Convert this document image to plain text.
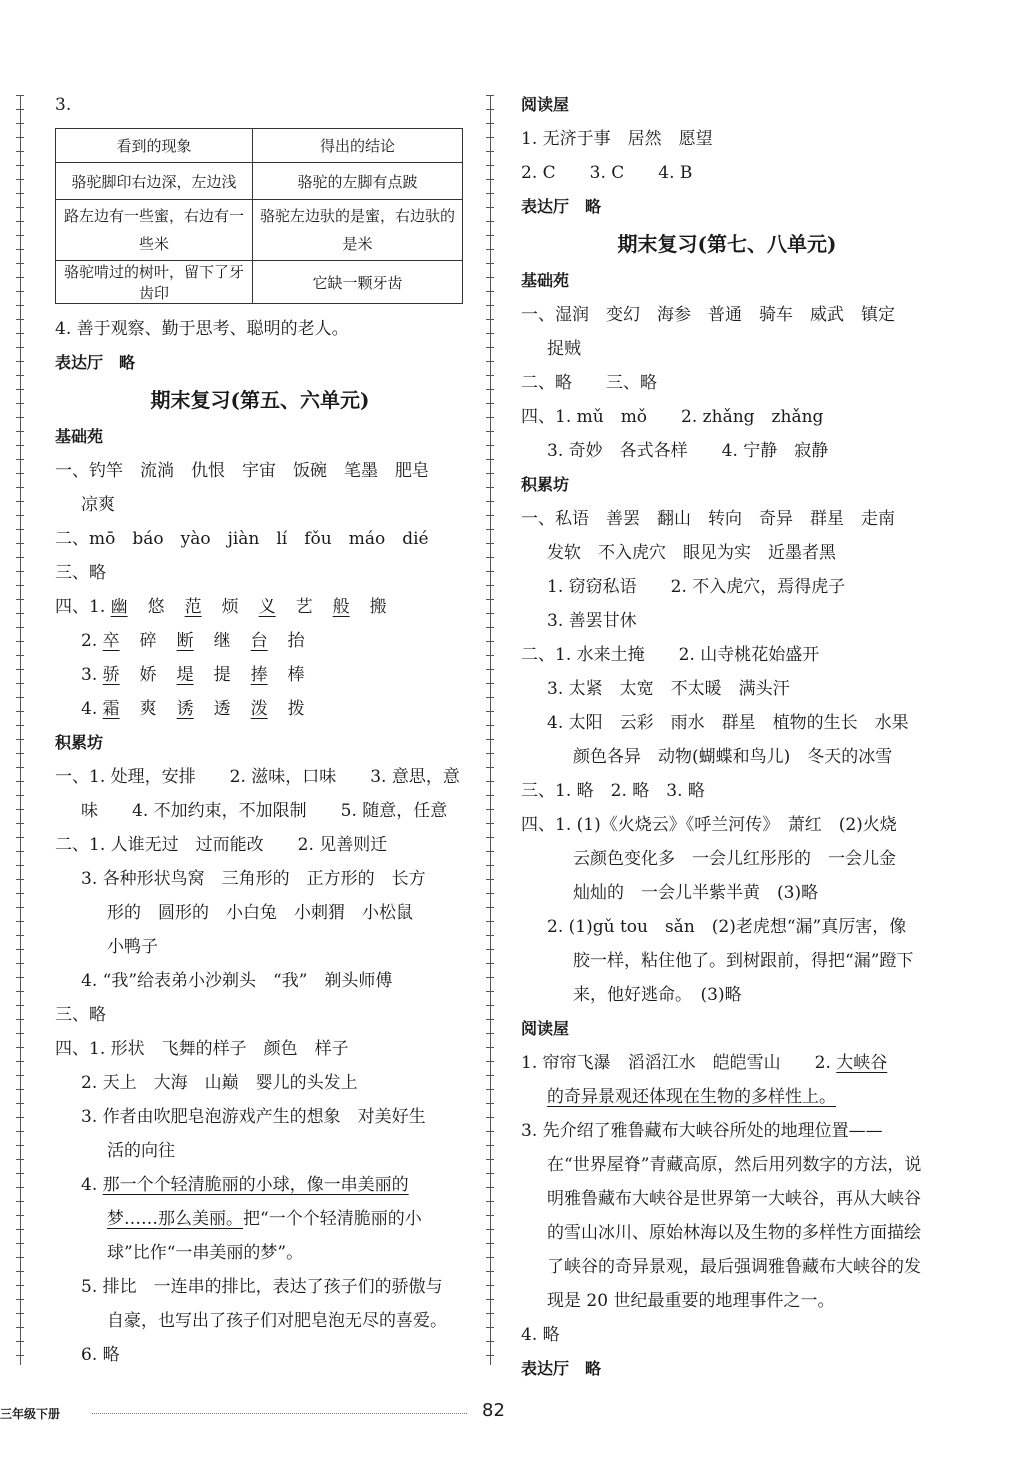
3.
看到的现象	得出的结论
骆驼脚印右边深，左边浅	骆驼的左脚有点跛
路左边有一些蜜，右边有一些米	骆驼左边驮的是蜜，右边驮的是米
骆驼啃过的树叶，留下了牙齿印	它缺一颗牙齿
4. 善于观察、勤于思考、聪明的老人。
表达厅　略
期末复习(第五、六单元)
基础苑
一、钓竿　流淌　仇恨　宇宙　饭碗　笔墨　肥皂
凉爽
二、mō　báo　yào　jiàn　lí　fǒu　máo　dié
三、略
四、1. 幽 悠 范 烦 义 艺 般 搬
2. 卒 碎 断 继 台 抬
3. 骄 娇 堤 提 捧 棒
4. 霜 爽 诱 透 泼 拨
积累坊
一、1. 处理，安排　　2. 滋味，口味　　3. 意思，意
味　　4. 不加约束，不加限制　　5. 随意，任意
二、1. 人谁无过　过而能改　　2. 见善则迁
3. 各种形状鸟窝　三角形的　正方形的　长方
形的　圆形的　小白兔　小刺猬　小松鼠
小鸭子
4. “我”给表弟小沙剃头　“我”　剃头师傅
三、略
四、1. 形状　飞舞的样子　颜色　样子
2. 天上　大海　山巅　婴儿的头发上
3. 作者由吹肥皂泡游戏产生的想象　对美好生
活的向往
4. 那一个个轻清脆丽的小球，像一串美丽的
梦……那么美丽。把“一个个轻清脆丽的小
球”比作“一串美丽的梦”。
5. 排比　一连串的排比，表达了孩子们的骄傲与
自豪，也写出了孩子们对肥皂泡无尽的喜爱。
6. 略
阅读屋
1. 无济于事　居然　愿望
2. C　　3. C　　4. B
表达厅　略
期末复习(第七、八单元)
基础苑
一、湿润　变幻　海参　普通　骑车　威武　镇定
捉贼
二、略　　三、略
四、1. mǔ　mǒ　　2. zhǎng　zhǎng
3. 奇妙　各式各样　　4. 宁静　寂静
积累坊
一、私语　善罢　翻山　转向　奇异　群星　走南
发软　不入虎穴　眼见为实　近墨者黑
1. 窃窃私语　　2. 不入虎穴，焉得虎子
3. 善罢甘休
二、1. 水来土掩　　2. 山寺桃花始盛开
3. 太紧　太宽　不太暖　满头汗
4. 太阳　云彩　雨水　群星　植物的生长　水果
颜色各异　动物(蝴蝶和鸟儿)　冬天的冰雪
三、1. 略　2. 略　3. 略
四、1. (1)《火烧云》《呼兰河传》　萧红　(2)火烧
云颜色变化多　一会儿红彤彤的　一会儿金
灿灿的　一会儿半紫半黄　(3)略
2. (1)gǔ tou　sǎn　(2)老虎想“漏”真厉害，像
胶一样，粘住他了。到树跟前，得把“漏”蹬下
来，他好逃命。　(3)略
阅读屋
1. 帘帘飞瀑　滔滔江水　皑皑雪山　　2. 大峡谷
的奇异景观还体现在生物的多样性上。
3. 先介绍了雅鲁藏布大峡谷所处的地理位置——
在“世界屋脊”青藏高原，然后用列数字的方法，说
明雅鲁藏布大峡谷是世界第一大峡谷，再从大峡谷
的雪山冰川、原始林海以及生物的多样性方面描绘
了峡谷的奇异景观，最后强调雅鲁藏布大峡谷的发
现是 20 世纪最重要的地理事件之一。
4. 略
表达厅　略
三年级下册	82
